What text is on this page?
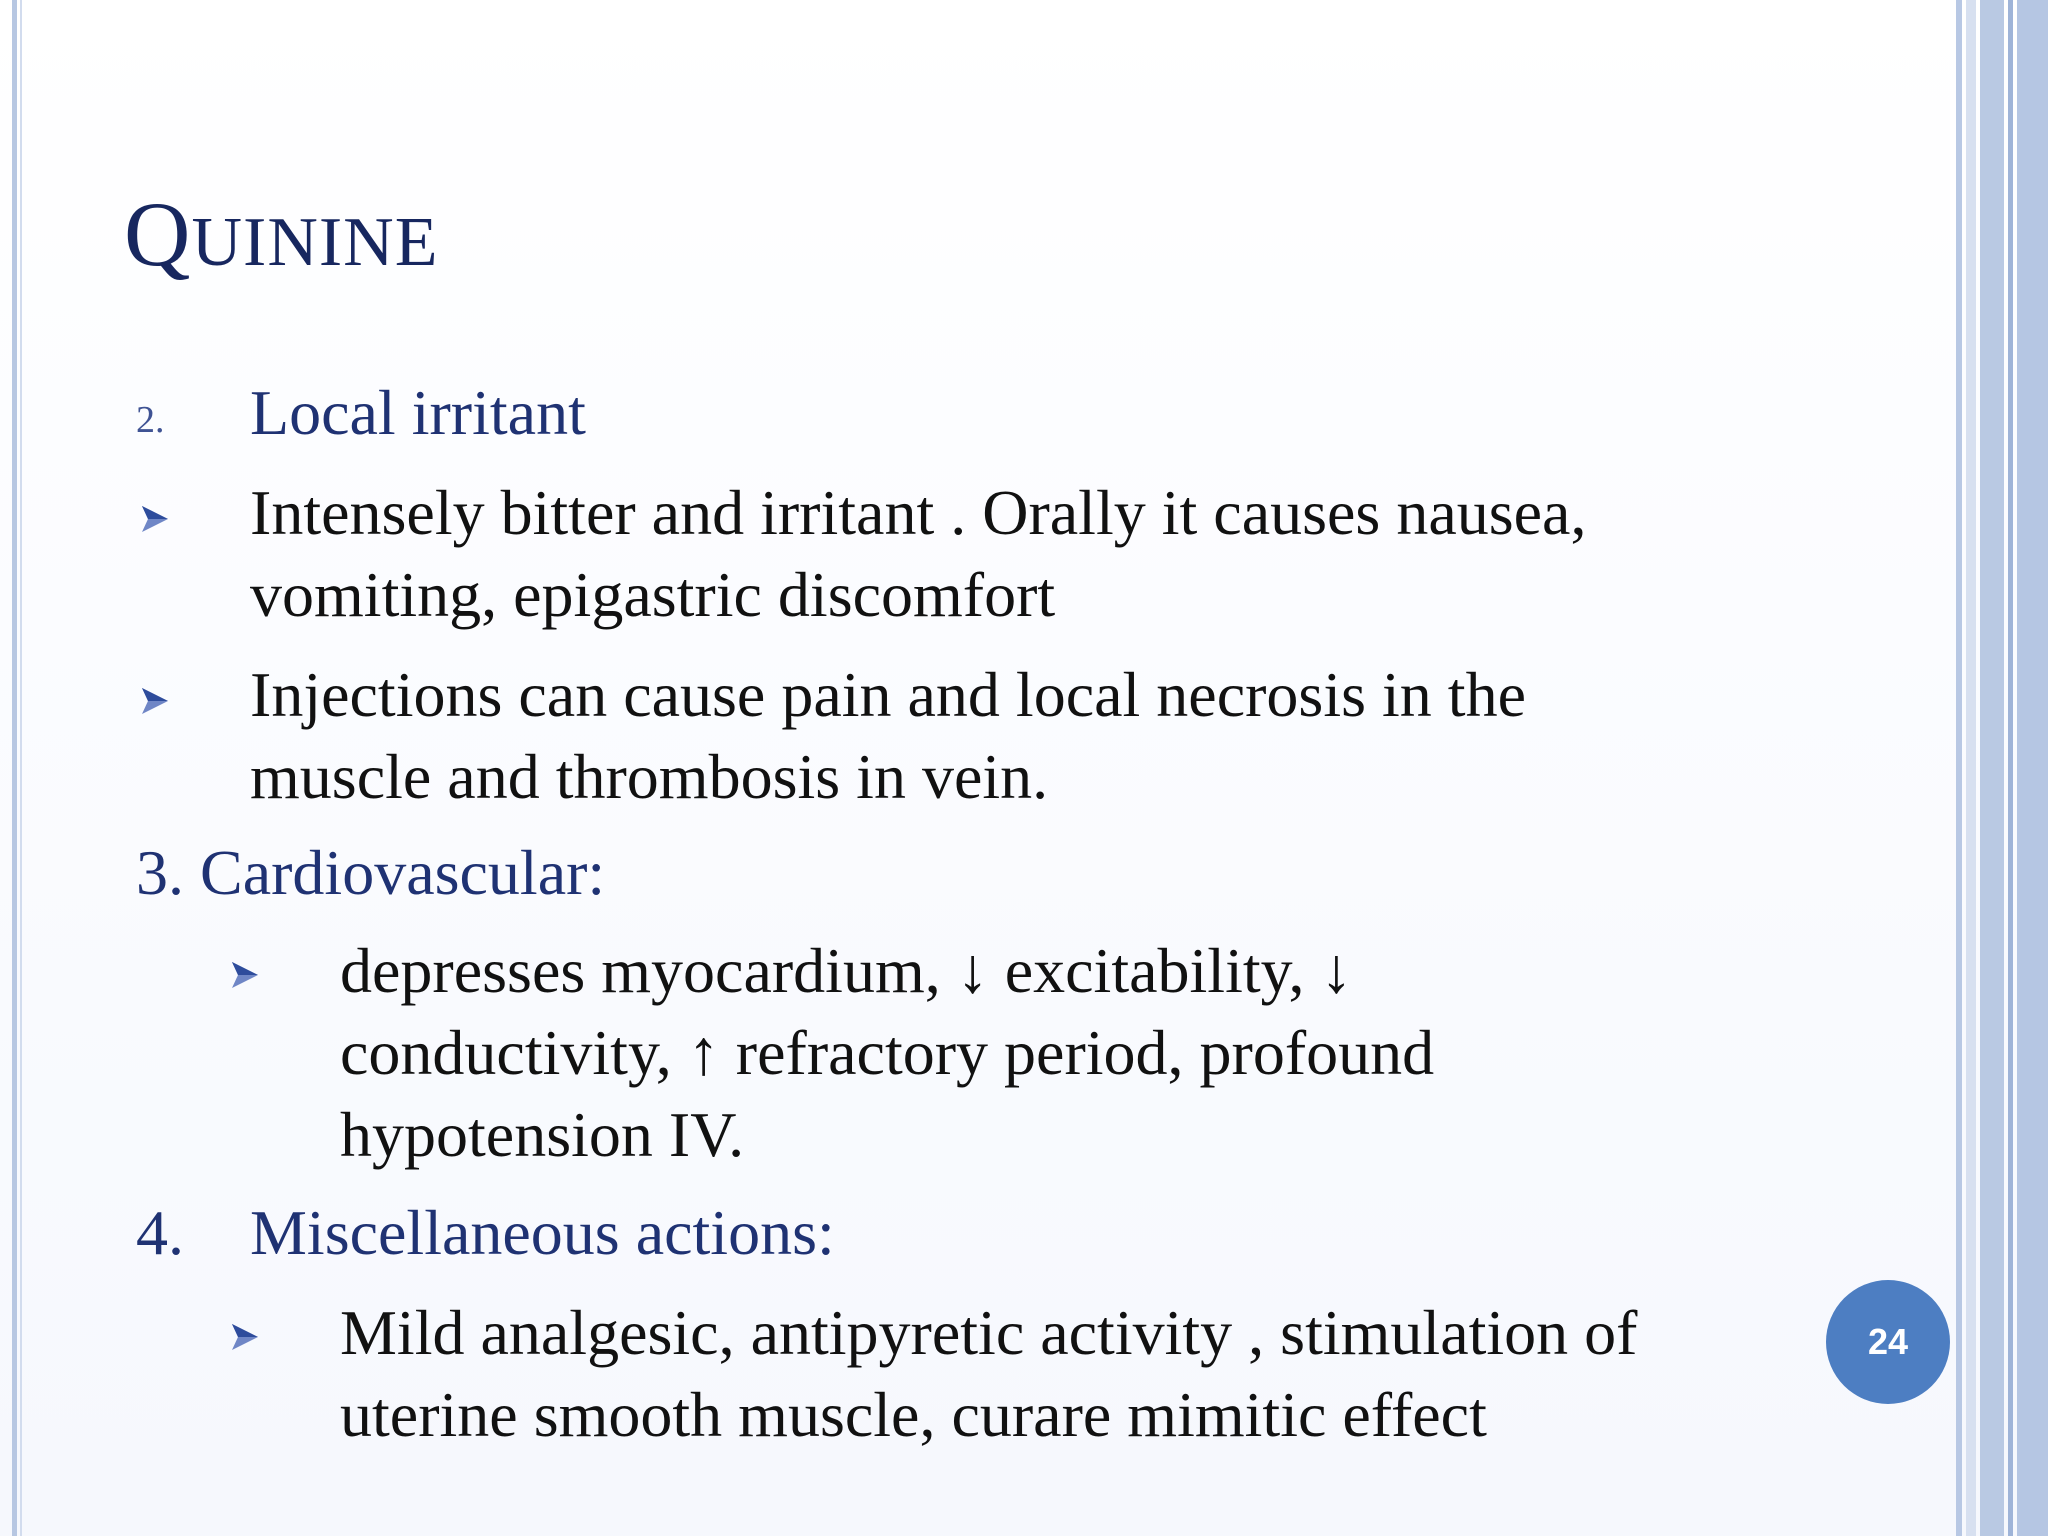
QUININE
2. Local irritant
Intensely bitter and irritant . Orally it causes nausea,
vomiting, epigastric discomfort
Injections can cause pain and local necrosis in the
muscle and thrombosis in vein.
3. Cardiovascular:
depresses myocardium, ↓ excitability, ↓
conductivity, ↑ refractory period, profound
hypotension IV.
4. Miscellaneous actions:
Mild analgesic, antipyretic activity , stimulation of
uterine smooth muscle, curare mimitic effect
24
